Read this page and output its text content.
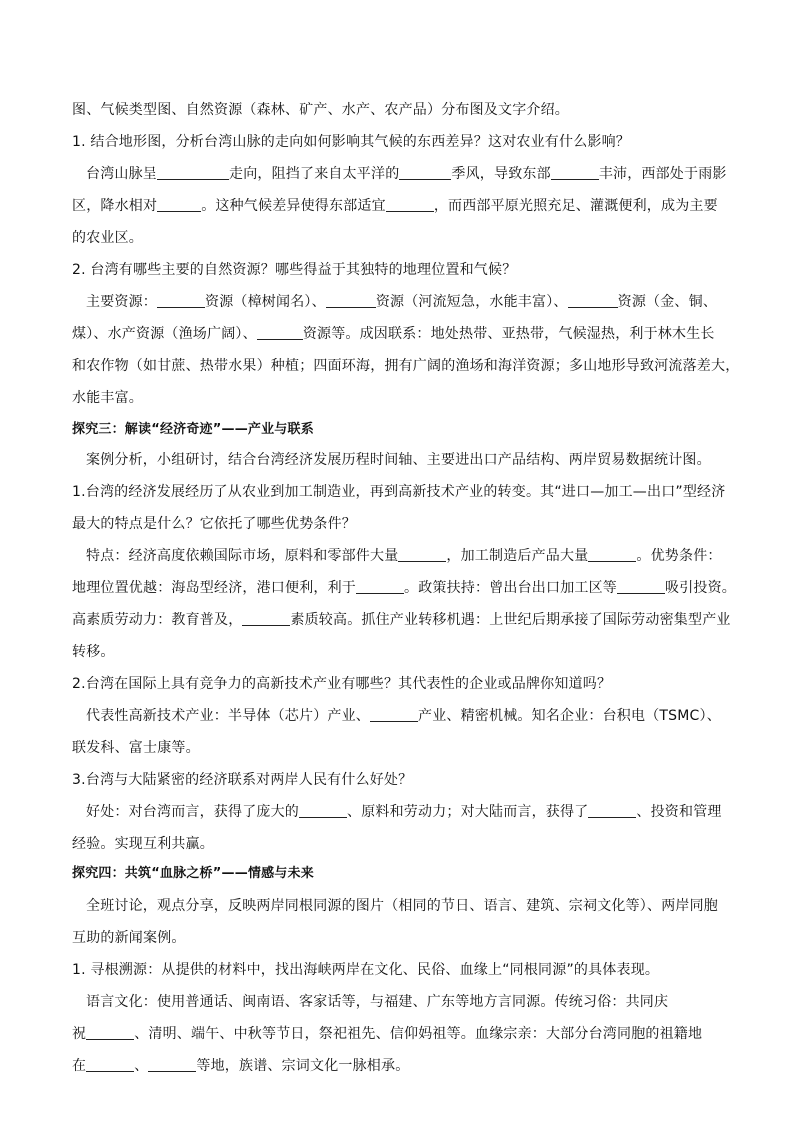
图、气候类型图、自然资源（森林、矿产、水产、农产品）分布图及文字介绍。
1. 结合地形图，分析台湾山脉的走向如何影响其气候的东西差异？这对农业有什么影响？
台湾山脉呈	走向，阻挡了来自太平洋的	季风，导致东部	丰沛，西部处于雨影
区，降水相对	。这种气候差异使得东部适宜	，而西部平原光照充足、灌溉便利，成为主要
的农业区。
2. 台湾有哪些主要的自然资源？哪些得益于其独特的地理位置和气候？
主要资源：	资源（樟树闻名）、	资源（河流短急，水能丰富）、	资源（金、铜、
煤）、水产资源（渔场广阔）、	资源等。成因联系：地处热带、亚热带，气候湿热，利于林木生长
和农作物（如甘蔗、热带水果）种植；四面环海，拥有广阔的渔场和海洋资源；多山地形导致河流落差大，
水能丰富。
探究三：解读“经济奇迹”——产业与联系
案例分析，小组研讨，结合台湾经济发展历程时间轴、主要进出口产品结构、两岸贸易数据统计图。
1.台湾的经济发展经历了从农业到加工制造业，再到高新技术产业的转变。其“进口—加工—出口”型经济
最大的特点是什么？它依托了哪些优势条件？
特点：经济高度依赖国际市场，原料和零部件大量	，加工制造后产品大量	。优势条件：
地理位置优越：海岛型经济，港口便利，利于	。政策扶持：曾出台出口加工区等	吸引投资。
高素质劳动力：教育普及，	素质较高。抓住产业转移机遇：上世纪后期承接了国际劳动密集型产业
转移。
2.台湾在国际上具有竞争力的高新技术产业有哪些？其代表性的企业或品牌你知道吗？
代表性高新技术产业：半导体（芯片）产业、	产业、精密机械。知名企业：台积电（TSMC）、
联发科、富士康等。
3.台湾与大陆紧密的经济联系对两岸人民有什么好处？
好处：对台湾而言，获得了庞大的	、原料和劳动力；对大陆而言，获得了	、投资和管理
经验。实现互利共赢。
探究四：共筑“血脉之桥”——情感与未来
全班讨论，观点分享，反映两岸同根同源的图片（相同的节日、语言、建筑、宗祠文化等）、两岸同胞
互助的新闻案例。
1. 寻根溯源：从提供的材料中，找出海峡两岸在文化、民俗、血缘上“同根同源”的具体表现。
语言文化：使用普通话、闽南语、客家话等，与福建、广东等地方言同源。传统习俗：共同庆
祝	、清明、端午、中秋等节日，祭祀祖先、信仰妈祖等。血缘宗亲：大部分台湾同胞的祖籍地
在	、	等地，族谱、宗词文化一脉相承。
